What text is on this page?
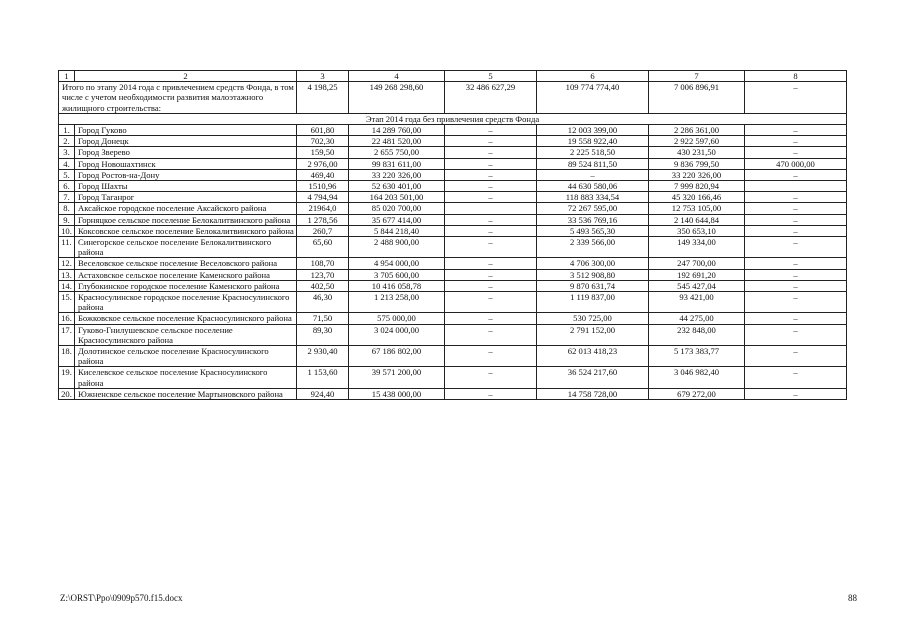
1	2	3	4	5	6	7	8
Итого по этапу 2014 года с привлечением средств Фонда, в том числе с учетом необходимости развития малоэтажного жилищного строительства:		4 198,25	149 268 298,60	32 486 627,29	109 774 774,40	7 006 896,91	–
Этап 2014 года без привлечения средств Фонда							
1.	Город Гуково	601,80	14 289 760,00	–	12 003 399,00	2 286 361,00	–
2.	Город Донецк	702,30	22 481 520,00	–	19 558 922,40	2 922 597,60	–
3.	Город Зверево	159,50	2 655 750,00	–	2 225 518,50	430 231,50	–
4.	Город Новошахтинск	2 976,00	99 831 611,00	–	89 524 811,50	9 836 799,50	470 000,00
5.	Город Ростов-на-Дону	469,40	33 220 326,00	–	–	33 220 326,00	–
6.	Город Шахты	1510,96	52 630 401,00	–	44 630 580,06	7 999 820,94	
7.	Город Таганрог	4 794,94	164 203 501,00	–	118 883 334,54	45 320 166,46	–
8.	Аксайское городское поселение Аксайского района	21964,0	85 020 700,00		72 267 595,00	12 753 105,00	–
9.	Горняцкое сельское поселение Белокалитвинского района	1 278,56	35 677 414,00	–	33 536 769,16	2 140 644,84	–
10.	Коксовское сельское поселение Белокалитвинского района	260,7	5 844 218,40	–	5 493 565,30	350 653,10	–
11.	Синегорское сельское поселение Белокалитвинского района	65,60	2 488 900,00	–	2 339 566,00	149 334,00	–
12.	Веселовское сельское поселение Веселовского района	108,70	4 954 000,00	–	4 706 300,00	247 700,00	–
13.	Астаховское сельское поселение Каменского района	123,70	3 705 600,00	–	3 512 908,80	192 691,20	–
14.	Глубокинское городское поселение Каменского района	402,50	10 416 058,78	–	9 870 631,74	545 427,04	–
15.	Красносулинское городское поселение Красносулинского района	46,30	1 213 258,00	–	1 119 837,00	93 421,00	–
16.	Божковское сельское поселение Красносулинского района	71,50	575 000,00	–	530 725,00	44 275,00	–
17.	Гуково-Гнилушевское сельское поселение Красносулинского района	89,30	3 024 000,00	–	2 791 152,00	232 848,00	–
18.	Долотинское сельское поселение Красносулинского района	2 930,40	67 186 802,00	–	62 013 418,23	5 173 383,77	–
19.	Киселевское сельское поселение Красносулинского района	1 153,60	39 571 200,00	–	36 524 217,60	3 046 982,40	–
20.	Южненское сельское поселение Мартыновского района	924,40	15 438 000,00	–	14 758 728,00	679 272,00	–
Z:\ORST\Ppo\0909p570.f15.docx	88
